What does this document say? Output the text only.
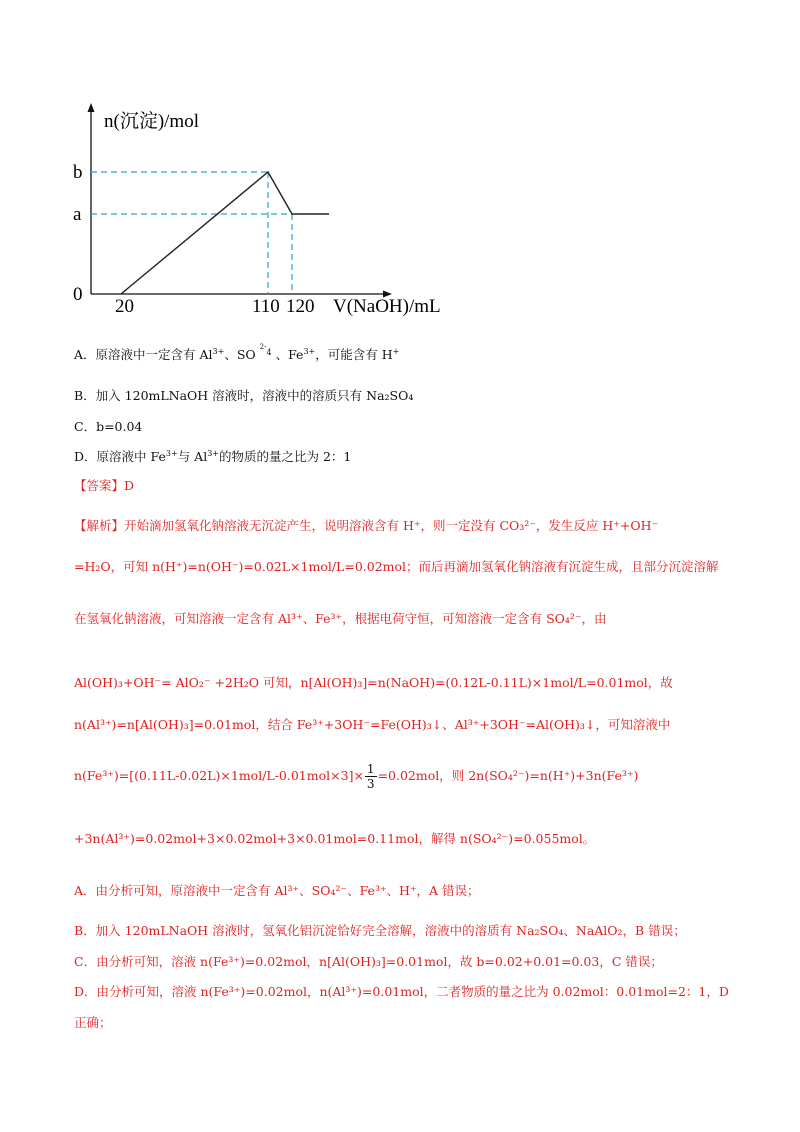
n(沉淀)/mol
V(NaOH)/mL
b
a
0
20	110 120
A．原溶液中一定含有 $Al^{3+}$、SO 2-
$_4$ 、$Fe^{3+}$，可能含有 H+
B．加入 120mLNaOH 溶液时，溶液中的溶质只有 Na₂SO₄
C．b=0.04
D．原溶液中 $Fe^{3+}$与 $Al^{3+}$的物质的量之比为 2：1
【答案】D
【解析】开始滴加氢氧化钠溶液无沉淀产生，说明溶液含有 H⁺，则一定没有 CO₃²⁻，发生反应 H⁺+OH⁻
=H₂O，可知 n(H⁺)=n(OH⁻)=0.02L×1mol/L=0.02mol；而后再滴加氢氧化钠溶液有沉淀生成，且部分沉淀溶解
在氢氧化钠溶液，可知溶液一定含有 Al³⁺、Fe³⁺，根据电荷守恒，可知溶液一定含有 SO₄²⁻，由
Al(OH)₃+OH⁻= AlO₂⁻ +2H₂O 可知，n[Al(OH)₃]=n(NaOH)=(0.12L-0.11L)×1mol/L=0.01mol，故
n(Al³⁺)=n[Al(OH)₃]=0.01mol，结合 Fe³⁺+3OH⁻=Fe(OH)₃↓、Al³⁺+3OH⁻=Al(OH)₃↓，可知溶液中
$n(Fe^{3+})=[(0.11L-0.02L)\times 1mol/L-0.01mol\times 3]\times \frac{1}{3} =0.02mol$，则 2n(SO₄²⁻)=n(H⁺)+3n(Fe³⁺)
+3n(Al³⁺)=0.02mol+3×0.02mol+3×0.01mol=0.11mol，解得 n(SO₄²⁻)=0.055mol。
A．由分析可知，原溶液中一定含有 Al³⁺、SO₄²⁻、Fe³⁺、H⁺，A 错误；
B．加入 120mLNaOH 溶液时，氢氧化铝沉淀恰好完全溶解，溶液中的溶质有 Na₂SO₄、NaAlO₂，B 错误；
C．由分析可知，溶液 n(Fe³⁺)=0.02mol，n[Al(OH)₃]=0.01mol，故 b=0.02+0.01=0.03，C 错误；
D．由分析可知，溶液 n(Fe³⁺)=0.02mol，n(Al³⁺)=0.01mol，二者物质的量之比为 0.02mol：0.01mol=2：1，D
正确；
